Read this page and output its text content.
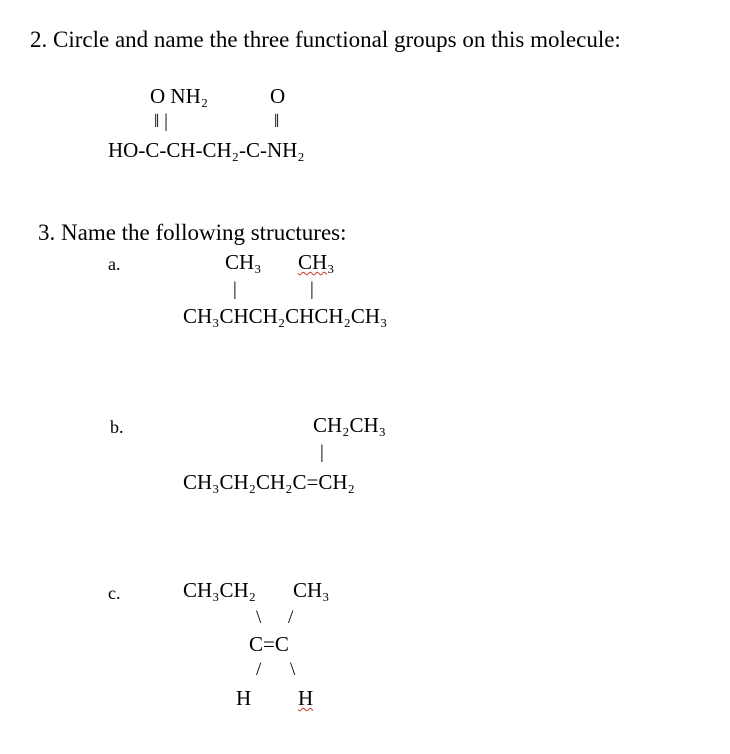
2. Circle and name the three functional groups on this molecule:
O NH₂	O
‖ |	‖
HO-C-CH-CH₂-C-NH₂
3. Name the following structures:
a.	CH₃ CH₃
|	|
CH₃CHCH₂CHCH₂CH₃
b.	CH₂CH₃
|
CH₃CH₂CH₂C=CH₂
c.	CH₃CH₂ CH₃
\ /
C=C
/ \
H H
